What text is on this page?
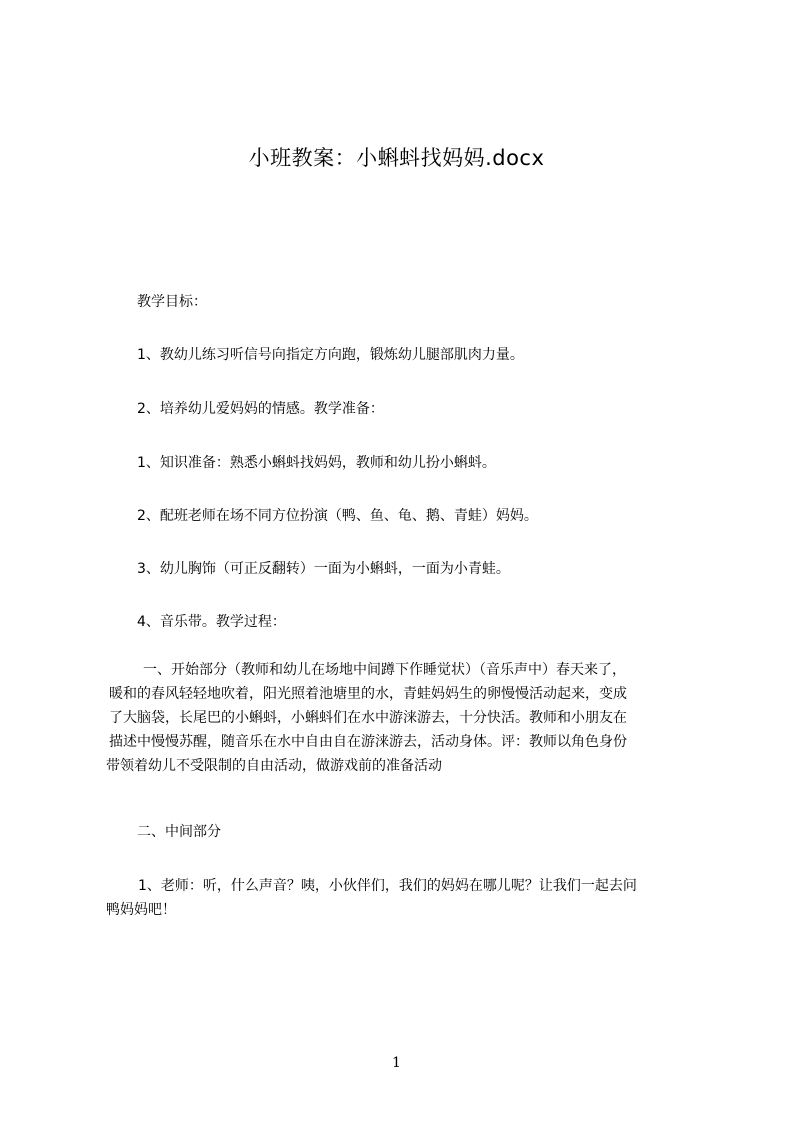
小班教案：小蝌蚪找妈妈.docx
教学目标：
1、教幼儿练习听信号向指定方向跑，锻炼幼儿腿部肌肉力量。
2、培养幼儿爱妈妈的情感。教学准备：
1、知识准备：熟悉小蝌蚪找妈妈，教师和幼儿扮小蝌蚪。
2、配班老师在场不同方位扮演（鸭、鱼、龟、鹅、青蛙）妈妈。
3、幼儿胸饰（可正反翻转）一面为小蝌蚪，一面为小青蛙。
4、音乐带。教学过程：
一、开始部分（教师和幼儿在场地中间蹲下作睡觉状）（音乐声中）春天来了，
暖和的春风轻轻地吹着，阳光照着池塘里的水，青蛙妈妈生的卵慢慢活动起来，变成
了大脑袋，长尾巴的小蝌蚪，小蝌蚪们在水中游涞游去，十分快活。教师和小朋友在
描述中慢慢苏醒，随音乐在水中自由自在游涞游去，活动身体。评：教师以角色身份
带领着幼儿不受限制的自由活动，做游戏前的准备活动
二、中间部分
1、老师：听，什么声音？咦，小伙伴们，我们的妈妈在哪儿呢？让我们一起去问
鸭妈妈吧！
1
